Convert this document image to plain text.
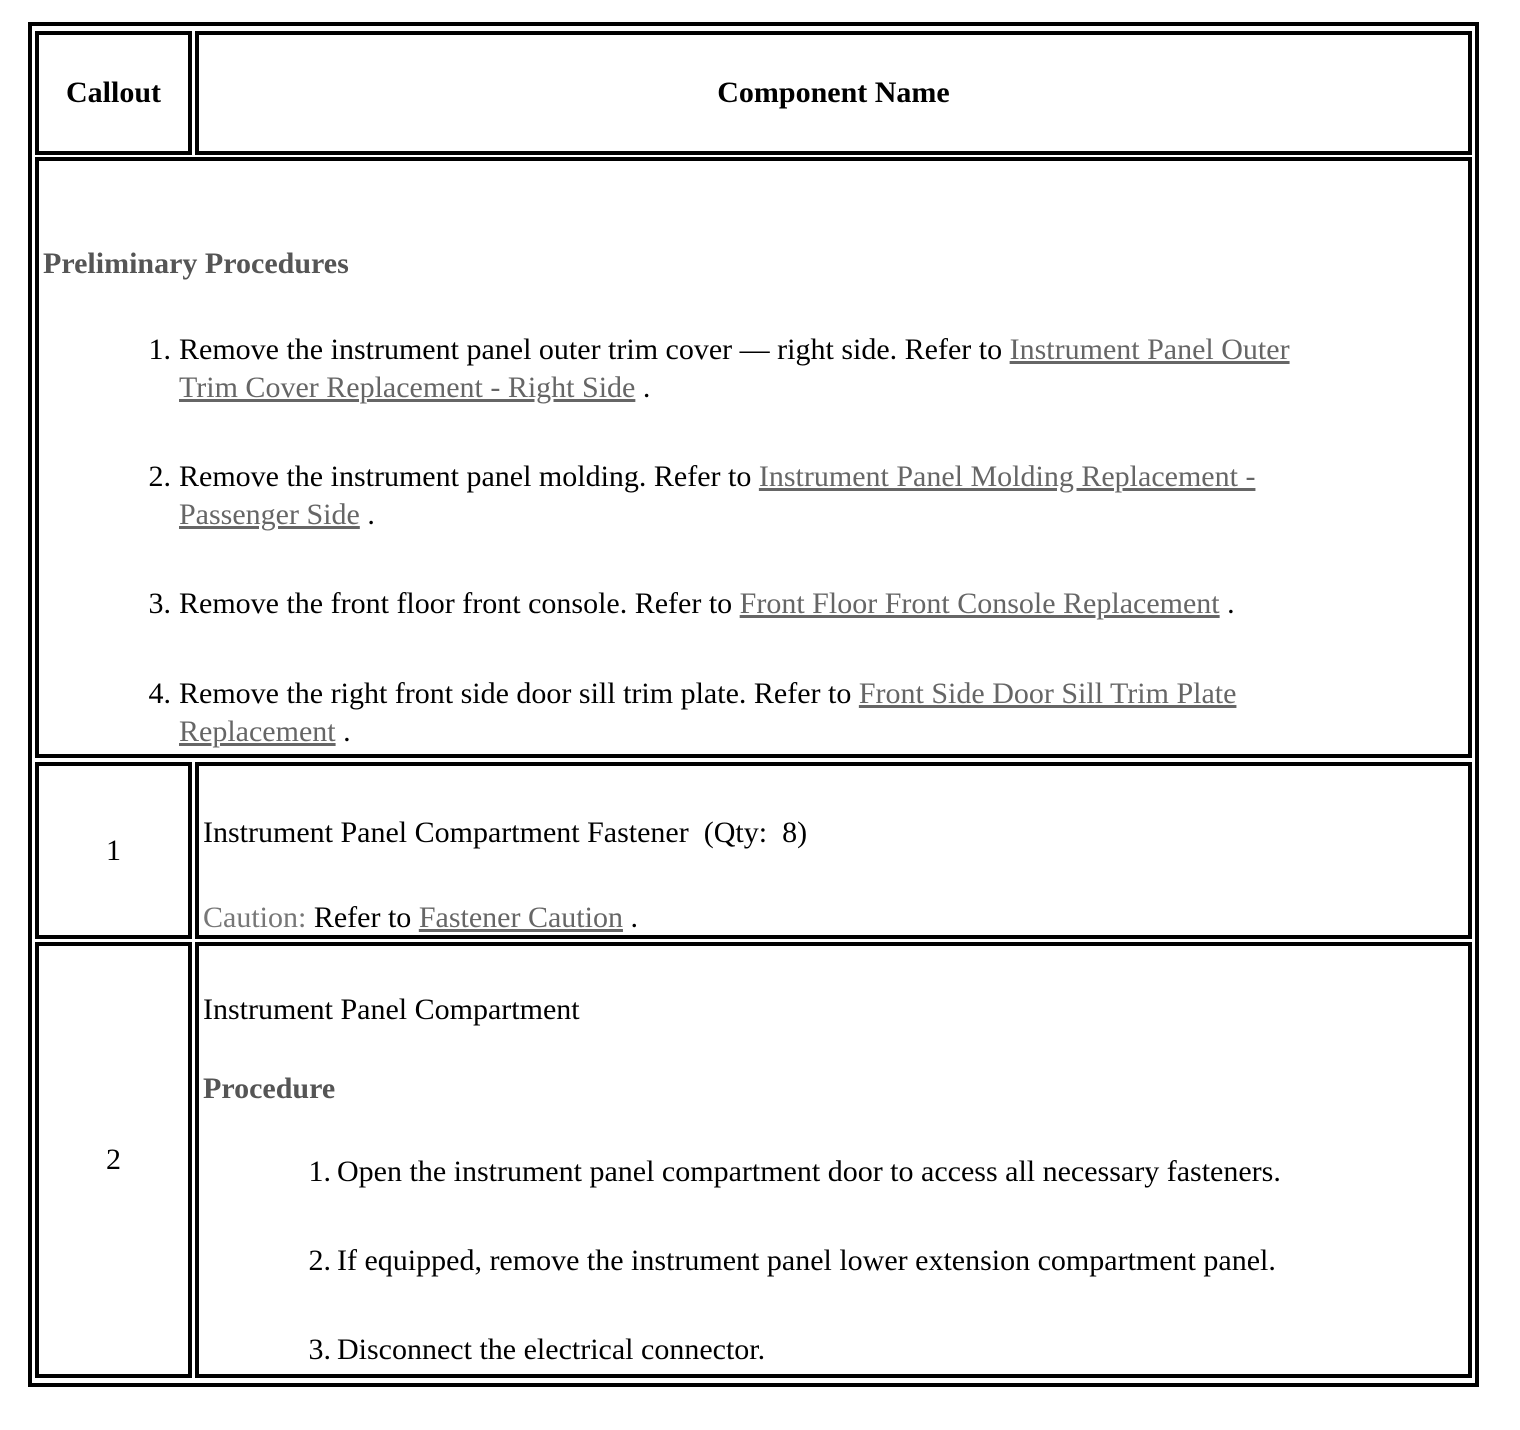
Callout	Component Name
Preliminary Procedures
1. Remove the instrument panel outer trim cover — right side. Refer to Instrument Panel Outer
Trim Cover Replacement - Right Side .
2. Remove the instrument panel molding. Refer to Instrument Panel Molding Replacement -
Passenger Side .
3. Remove the front floor front console. Refer to Front Floor Front Console Replacement .
4. Remove the right front side door sill trim plate. Refer to Front Side Door Sill Trim Plate
Replacement .
1
Instrument Panel Compartment Fastener (Qty: 8)
Caution: Refer to Fastener Caution .
2
Instrument Panel Compartment
Procedure
1. Open the instrument panel compartment door to access all necessary fasteners.
2. If equipped, remove the instrument panel lower extension compartment panel.
3. Disconnect the electrical connector.
